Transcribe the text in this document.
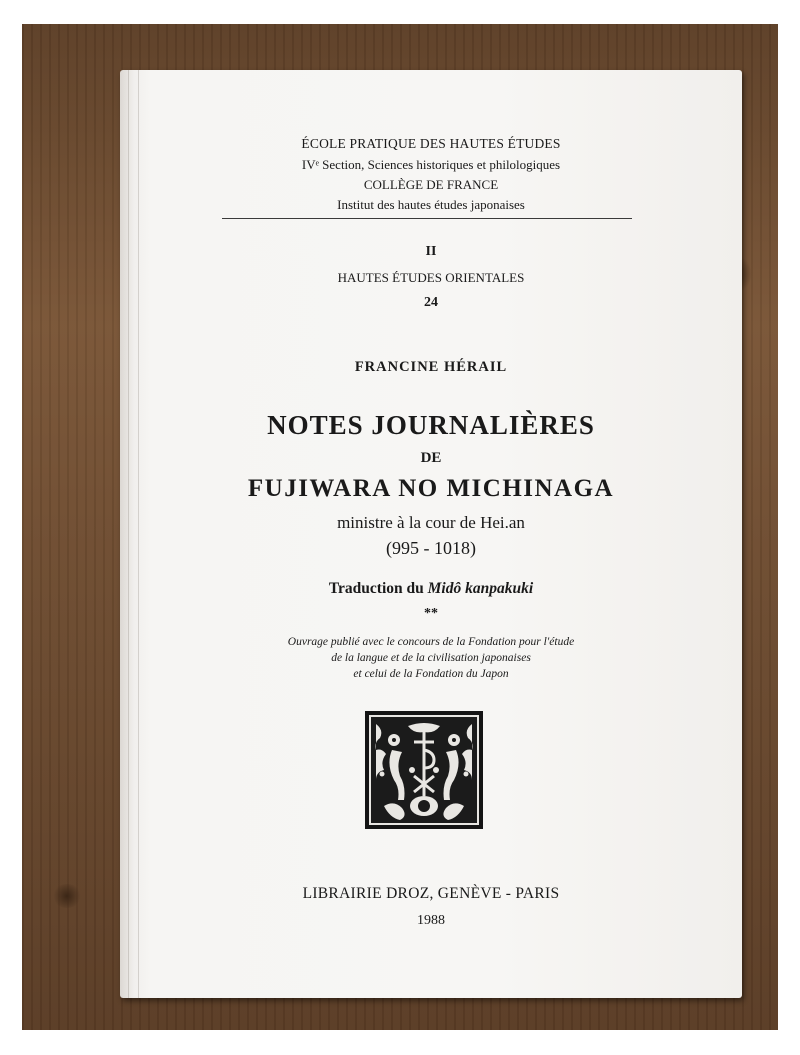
ÉCOLE PRATIQUE DES HAUTES ÉTUDES
IVᵉ Section, Sciences historiques et philologiques
COLLÈGE DE FRANCE
Institut des hautes études japonaises
II
HAUTES ÉTUDES ORIENTALES
24
FRANCINE HÉRAIL
NOTES JOURNALIÈRES
DE
FUJIWARA NO MICHINAGA
ministre à la cour de Hei.an
(995 - 1018)
Traduction du Midô kanpakuki
**
Ouvrage publié avec le concours de la Fondation pour l'étude
de la langue et de la civilisation japonaises
et celui de la Fondation du Japon
LIBRAIRIE DROZ, GENÈVE - PARIS
1988
